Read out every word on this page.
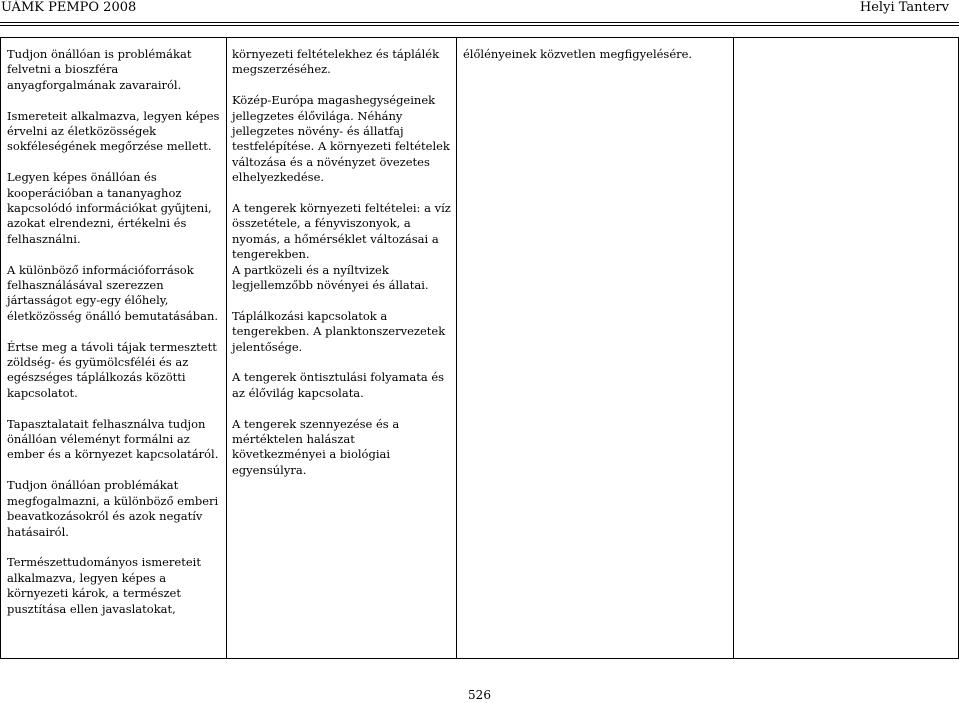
ÚÁMK PEMPO 2008	Helyi Tanterv

Tudjon önállóan is problémákat
felvetni a bioszféra
anyagforgalmának zavarairól.

Ismereteit alkalmazva, legyen képes
érvelni az életközösségek
sokféleségének megőrzése mellett.

Legyen képes önállóan és
kooperációban a tananyaghoz
kapcsolódó információkat gyűjteni,
azokat elrendezni, értékelni és
felhasználni.

A különböző információforrások
felhasználásával szerezzen
jártasságot egy-egy élőhely,
életközösség önálló bemutatásában.

Értse meg a távoli tájak termesztett
zöldség- és gyümölcsféléi és az
egészséges táplálkozás közötti
kapcsolatot.

Tapasztalatait felhasználva tudjon
önállóan véleményt formálni az
ember és a környezet kapcsolatáról.

Tudjon önállóan problémákat
megfogalmazni, a különböző emberi
beavatkozásokról és azok negatív
hatásairól.

Természettudományos ismereteit
alkalmazva, legyen képes a
környezeti károk, a természet
pusztítása ellen javaslatokat,

környezeti feltételekhez és táplálék
megszerzéséhez.

Közép-Európa magashegységeinek
jellegzetes élővilága. Néhány
jellegzetes növény- és állatfaj
testfelépítése. A környezeti feltételek
változása és a növényzet övezetes
elhelyezkedése.

A tengerek környezeti feltételei: a víz
összetétele, a fényviszonyok, a
nyomás, a hőmérséklet változásai a
tengerekben.
A partközeli és a nyíltvizek
legjellemzőbb növényei és állatai.

Táplálkozási kapcsolatok a
tengerekben. A planktonszervezetek
jelentősége.

A tengerek öntisztulási folyamata és
az élővilág kapcsolata.

A tengerek szennyezése és a
mértéktelen halászat
következményei a biológiai
egyensúlyra.

élőlényeinek közvetlen megfigyelésére.

526
